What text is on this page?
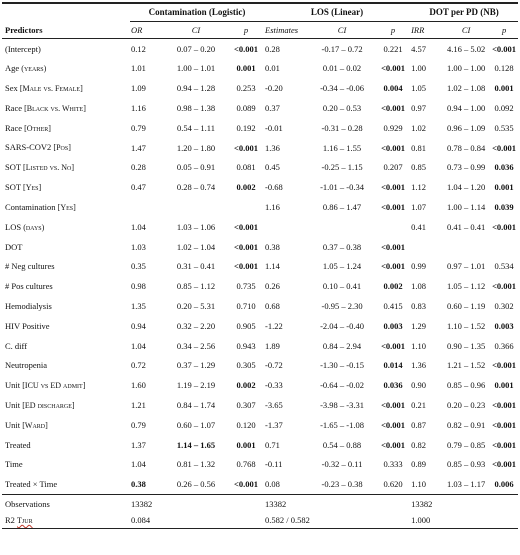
	Contamination (Logistic)			LOS (Linear)			DOT per PD (NB)		
Predictors	OR	CI	p	Estimates	CI	p	IRR	CI	p
(Intercept)	0.12	0.07 – 0.20	<0.001	0.28	-0.17 – 0.72	0.221	4.57	4.16 – 5.02	<0.001
Age (years)	1.01	1.00 – 1.01	0.001	0.01	0.01 – 0.02	<0.001	1.00	1.00 – 1.00	0.128
Sex [Male vs. Female]	1.09	0.94 – 1.28	0.253	-0.20	-0.34 – -0.06	0.004	1.05	1.02 – 1.08	0.001
Race [Black vs. White]	1.16	0.98 – 1.38	0.089	0.37	0.20 – 0.53	<0.001	0.97	0.94 – 1.00	0.092
Race [Other]	0.79	0.54 – 1.11	0.192	-0.01	-0.31 – 0.28	0.929	1.02	0.96 – 1.09	0.535
SARS-COV2 [Pos]	1.47	1.20 – 1.80	<0.001	1.36	1.16 – 1.55	<0.001	0.81	0.78 – 0.84	<0.001
SOT [Listed vs. No]	0.28	0.05 – 0.91	0.081	0.45	-0.25 – 1.15	0.207	0.85	0.73 – 0.99	0.036
SOT [Yes]	0.47	0.28 – 0.74	0.002	-0.68	-1.01 – -0.34	<0.001	1.12	1.04 – 1.20	0.001
Contamination [Yes]				1.16	0.86 – 1.47	<0.001	1.07	1.00 – 1.14	0.039
LOS (days)	1.04	1.03 – 1.06	<0.001				0.41	0.41 – 0.41	<0.001
DOT	1.03	1.02 – 1.04	<0.001	0.38	0.37 – 0.38	<0.001			
# Neg cultures	0.35	0.31 – 0.41	<0.001	1.14	1.05 – 1.24	<0.001	0.99	0.97 – 1.01	0.534
# Pos cultures	0.98	0.85 – 1.12	0.735	0.26	0.10 – 0.41	0.002	1.08	1.05 – 1.12	<0.001
Hemodialysis	1.35	0.20 – 5.31	0.710	0.68	-0.95 – 2.30	0.415	0.83	0.60 – 1.19	0.302
HIV Positive	0.94	0.32 – 2.20	0.905	-1.22	-2.04 – -0.40	0.003	1.29	1.10 – 1.52	0.003
C. diff	1.04	0.34 – 2.56	0.943	1.89	0.84 – 2.94	<0.001	1.10	0.90 – 1.35	0.366
Neutropenia	0.72	0.37 – 1.29	0.305	-0.72	-1.30 – -0.15	0.014	1.36	1.21 – 1.52	<0.001
Unit [ICU vs ED admit]	1.60	1.19 – 2.19	0.002	-0.33	-0.64 – -0.02	0.036	0.90	0.85 – 0.96	0.001
Unit [ED discharge]	1.21	0.84 – 1.74	0.307	-3.65	-3.98 – -3.31	<0.001	0.21	0.20 – 0.23	<0.001
Unit [Ward]	0.79	0.60 – 1.07	0.120	-1.37	-1.65 – -1.08	<0.001	0.87	0.82 – 0.91	<0.001
Treated	1.37	1.14 – 1.65	0.001	0.71	0.54 – 0.88	<0.001	0.82	0.79 – 0.85	<0.001
Time	1.04	0.81 – 1.32	0.768	-0.11	-0.32 – 0.11	0.333	0.89	0.85 – 0.93	<0.001
Treated × Time	0.38	0.26 – 0.56	<0.001	0.08	-0.23 – 0.38	0.620	1.10	1.03 – 1.17	0.006
Observations	13382			13382			13382		
R2 Tjur	0.084			0.582 / 0.582			1.000		
